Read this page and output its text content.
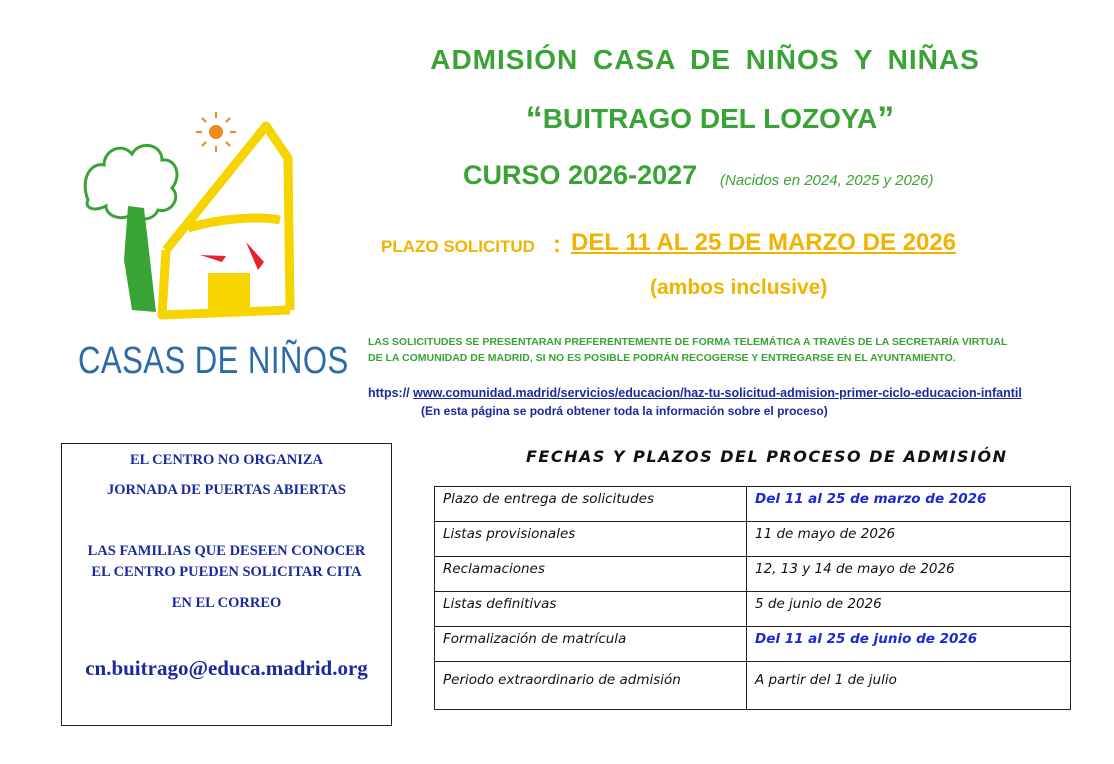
ADMISIÓN CASA DE NIÑOS Y NIÑAS
“BUITRAGO DEL LOZOYA”
CURSO 2026-2027 (Nacidos en 2024, 2025 y 2026)
PLAZO SOLICITUD : DEL 11 AL 25 DE MARZO DE 2026
(ambos inclusive)
LAS SOLICITUDES SE PRESENTARAN PREFERENTEMENTE DE FORMA TELEMÁTICA A TRAVÉS DE LA SECRETARÍA VIRTUAL
DE LA COMUNIDAD DE MADRID, SI NO ES POSIBLE PODRÁN RECOGERSE Y ENTREGARSE EN EL AYUNTAMIENTO.
https:// www.comunidad.madrid/servicios/educacion/haz-tu-solicitud-admision-primer-ciclo-educacion-infantil
(En esta página se podrá obtener toda la información sobre el proceso)
CASAS DE NIÑOS
EL CENTRO NO ORGANIZA
JORNADA DE PUERTAS ABIERTAS
LAS FAMILIAS QUE DESEEN CONOCER
EL CENTRO PUEDEN SOLICITAR CITA
EN EL CORREO
cn.buitrago@educa.madrid.org
FECHAS Y PLAZOS DEL PROCESO DE ADMISIÓN
Plazo de entrega de solicitudes	Del 11 al 25 de marzo de 2026
Listas provisionales	11 de mayo de 2026
Reclamaciones	12, 13 y 14 de mayo de 2026
Listas definitivas	5 de junio de 2026
Formalización de matrícula	Del 11 al 25 de junio de 2026
Periodo extraordinario de admisión	A partir del 1 de julio
